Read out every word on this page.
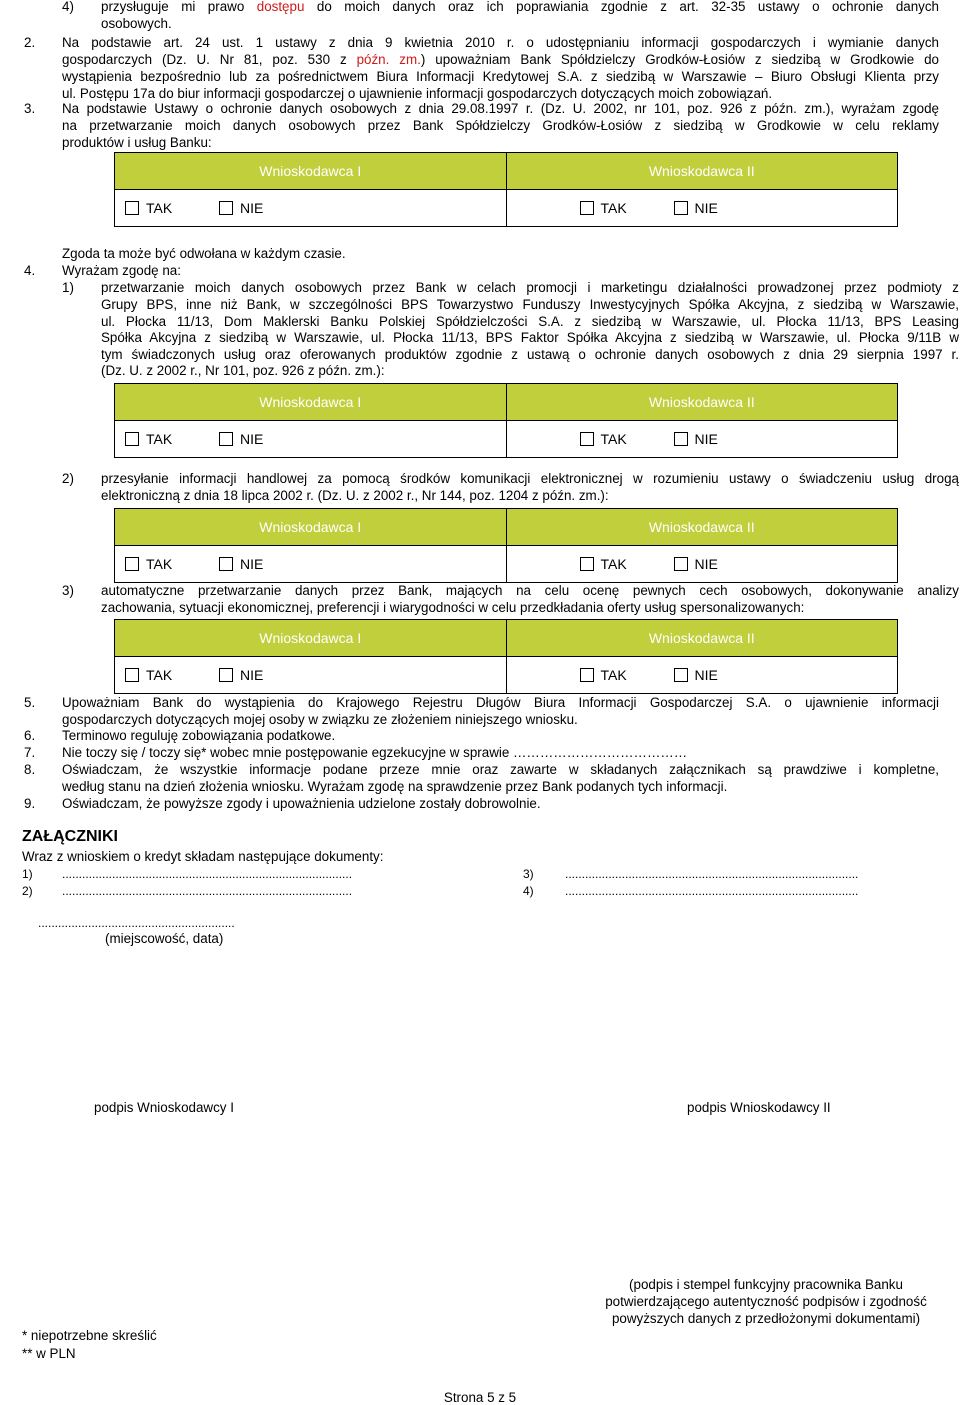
4) przysługuje mi prawo dostępu do moich danych oraz ich poprawiania zgodnie z art. 32-35 ustawy o ochronie danych
osobowych.
2. Na podstawie art. 24 ust. 1 ustawy z dnia 9 kwietnia 2010 r. o udostępnianiu informacji gospodarczych i wymianie danych
gospodarczych (Dz. U. Nr 81, poz. 530 z późn. zm.) upoważniam Bank Spółdzielczy Grodków-Łosiów z siedzibą w Grodkowie do
wystąpienia bezpośrednio lub za pośrednictwem Biura Informacji Kredytowej S.A. z siedzibą w Warszawie – Biuro Obsługi Klienta przy
ul. Postępu 17a do biur informacji gospodarczej o ujawnienie informacji gospodarczych dotyczących moich zobowiązań.
3. Na podstawie Ustawy o ochronie danych osobowych z dnia 29.08.1997 r. (Dz. U. 2002, nr 101, poz. 926 z późn. zm.), wyrażam zgodę
na przetwarzanie moich danych osobowych przez Bank Spółdzielczy Grodków-Łosiów z siedzibą w Grodkowie w celu reklamy
produktów i usług Banku:
Wnioskodawca I	Wnioskodawca II

TAK NIE	TAK NIE
Zgoda ta może być odwołana w każdym czasie.
4. Wyrażam zgodę na:
1) przetwarzanie moich danych osobowych przez Bank w celach promocji i marketingu działalności prowadzonej przez podmioty z
Grupy BPS, inne niż Bank, w szczególności BPS Towarzystwo Funduszy Inwestycyjnych Spółka Akcyjna, z siedzibą w Warszawie,
ul. Płocka 11/13, Dom Maklerski Banku Polskiej Spółdzielczości S.A. z siedzibą w Warszawie, ul. Płocka 11/13, BPS Leasing
Spółka Akcyjna z siedzibą w Warszawie, ul. Płocka 11/13, BPS Faktor Spółka Akcyjna z siedzibą w Warszawie, ul. Płocka 9/11B w
tym świadczonych usług oraz oferowanych produktów zgodnie z ustawą o ochronie danych osobowych z dnia 29 sierpnia 1997 r.
(Dz. U. z 2002 r., Nr 101, poz. 926 z późn. zm.):
Wnioskodawca I	Wnioskodawca II

TAK NIE	TAK NIE
2) przesyłanie informacji handlowej za pomocą środków komunikacji elektronicznej w rozumieniu ustawy o świadczeniu usług drogą
elektroniczną z dnia 18 lipca 2002 r. (Dz. U. z 2002 r., Nr 144, poz. 1204 z późn. zm.):
Wnioskodawca I	Wnioskodawca II

TAK NIE	TAK NIE
3) automatyczne przetwarzanie danych przez Bank, mających na celu ocenę pewnych cech osobowych, dokonywanie analizy
zachowania, sytuacji ekonomicznej, preferencji i wiarygodności w celu przedkładania oferty usług spersonalizowanych:
Wnioskodawca I	Wnioskodawca II

TAK NIE	TAK NIE
5. Upoważniam Bank do wystąpienia do Krajowego Rejestru Długów Biura Informacji Gospodarczej S.A. o ujawnienie informacji
gospodarczych dotyczących mojej osoby w związku ze złożeniem niniejszego wniosku.
6. Terminowo reguluję zobowiązania podatkowe.
7. Nie toczy się / toczy się* wobec mnie postępowanie egzekucyjne w sprawie …………………………………
8. Oświadczam, że wszystkie informacje podane przeze mnie oraz zawarte w składanych załącznikach są prawdziwe i kompletne,
według stanu na dzień złożenia wniosku. Wyrażam zgodę na sprawdzenie przez Bank podanych tych informacji.
9. Oświadczam, że powyższe zgody i upoważnienia udzielone zostały dobrowolnie.
ZAŁĄCZNIKI
Wraz z wnioskiem o kredyt składam następujące dokumenty:
1) .......................................................................................	3)	........................................................................................
2) .......................................................................................	4)	........................................................................................
...........................................................
(miejscowość, data)
podpis Wnioskodawcy I	podpis Wnioskodawcy II
(podpis i stempel funkcyjny pracownika Banku
potwierdzającego autentyczność podpisów i zgodność
powyższych danych z przedłożonymi dokumentami)
* niepotrzebne skreślić
** w PLN
Strona 5 z 5
